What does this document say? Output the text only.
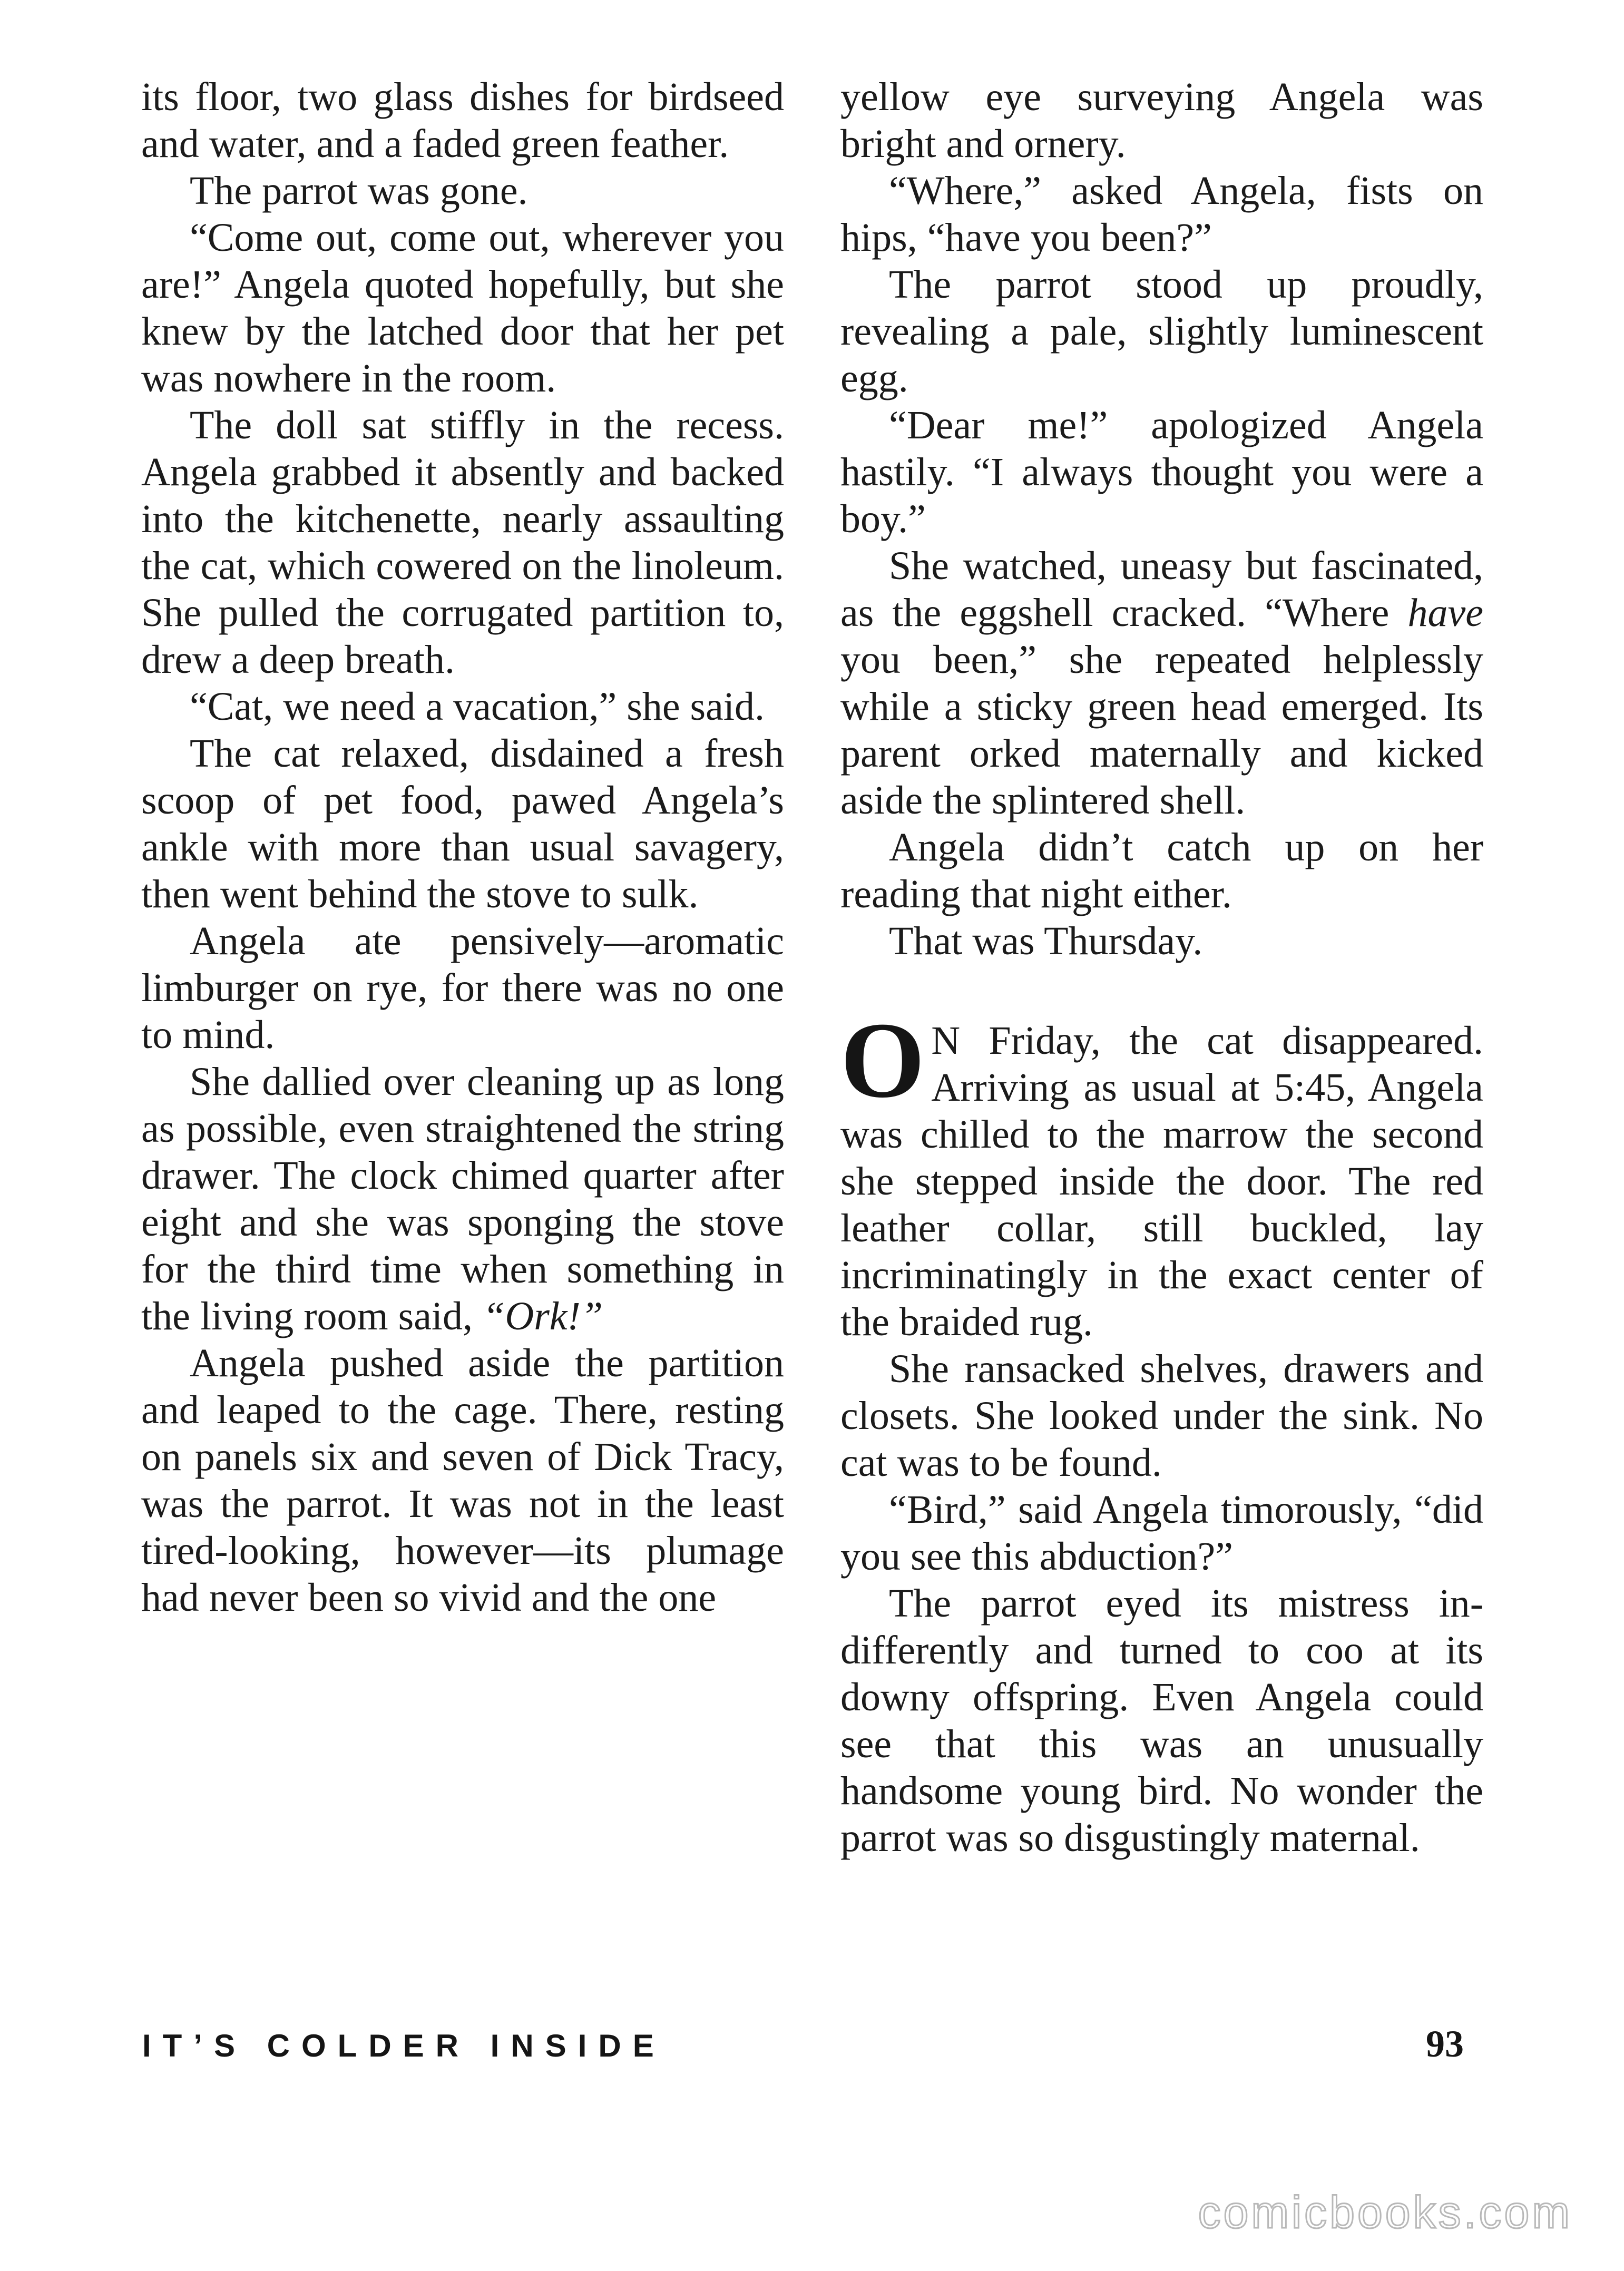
its floor, two glass dishes for birdseed and water, and a faded green feather.

The parrot was gone.

“Come out, come out, wherever you are!” Angela quoted hopefully, but she knew by the latched door that her pet was nowhere in the room.

The doll sat stiffly in the recess. Angela grabbed it absently and backed into the kitchenette, nearly assaulting the cat, which cowered on the linoleum. She pulled the corrugated partition to, drew a deep breath.

“Cat, we need a vacation,” she said.

The cat relaxed, disdained a fresh scoop of pet food, pawed Angela’s ankle with more than usual savagery, then went behind the stove to sulk.

Angela ate pensively—aromatic limburger on rye, for there was no one to mind.

She dallied over cleaning up as long as possible, even straightened the string drawer. The clock chimed quarter after eight and she was sponging the stove for the third time when something in the living room said, “Ork!”

Angela pushed aside the partition and leaped to the cage. There, resting on panels six and seven of Dick Tracy, was the parrot. It was not in the least tired-looking, however—its plumage had never been so vivid and the one

yellow eye surveying Angela was bright and ornery.

“Where,” asked Angela, fists on hips, “have you been?”

The parrot stood up proudly, revealing a pale, slightly luminescent egg.

“Dear me!” apologized Angela hastily. “I always thought you were a boy.”

She watched, uneasy but fascinated, as the eggshell cracked. “Where have you been,” she repeated helplessly while a sticky green head emerged. Its parent orked maternally and kicked aside the splintered shell.

Angela didn’t catch up on her reading that night either.

That was Thursday.

O N Friday, the cat disappeared. Arriving as usual at 5:45, Angela was chilled to the marrow the second she stepped inside the door. The red leather collar, still buckled, lay incriminatingly in the exact center of the braided rug.

She ransacked shelves, drawers and closets. She looked under the sink. No cat was to be found.

“Bird,” said Angela timorously, “did you see this abduction?”

The parrot eyed its mistress indifferently and turned to coo at its downy offspring. Even Angela could see that this was an unusually handsome young bird. No wonder the parrot was so disgustingly maternal.

IT’S COLDER INSIDE	93
comicbooks.com
